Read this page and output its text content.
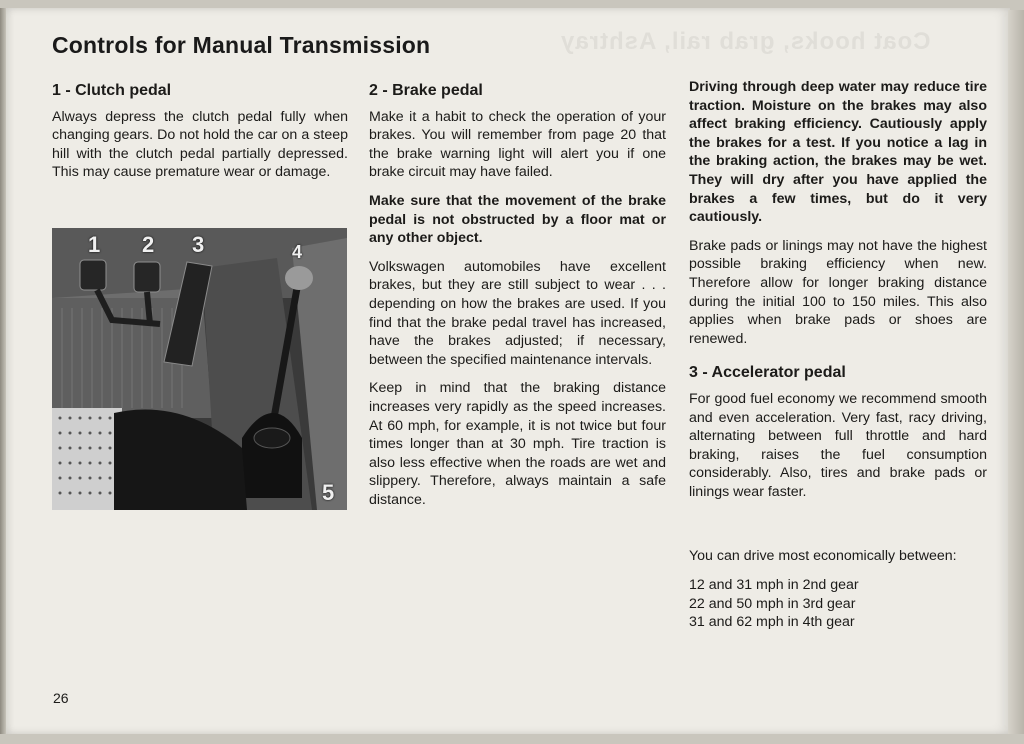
Coat hooks, grab rail, Ashtray
Controls for Manual Transmission
1 - Clutch pedal

Always depress the clutch pedal fully when changing gears. Do not hold the car on a steep hill with the clutch pedal partially depressed. This may cause premature wear or damage.

1 2 3	4
5
2 - Brake pedal

Make it a habit to check the operation of your brakes. You will remember from page 20 that the brake warning light will alert you if one brake circuit may have failed.

Make sure that the movement of the brake pedal is not obstructed by a floor mat or any other object.

Volkswagen automobiles have excellent brakes, but they are still subject to wear . . . depending on how the brakes are used. If you find that the brake pedal travel has increased, have the brakes adjusted; if necessary, between the specified maintenance intervals.

Keep in mind that the braking distance increases very rapidly as the speed increases. At 60 mph, for example, it is not twice but four times longer than at 30 mph. Tire traction is also less effective when the roads are wet and slippery. Therefore, always maintain a safe distance.

Driving through deep water may reduce tire traction. Moisture on the brakes may also affect braking efficiency. Cautiously apply the brakes for a test. If you notice a lag in the braking action, the brakes may be wet. They will dry after you have applied the brakes a few times, but do it very cautiously.

Brake pads or linings may not have the highest possible braking efficiency when new. Therefore allow for longer braking distance during the initial 100 to 150 miles. This also applies when brake pads or shoes are renewed.

3 - Accelerator pedal

For good fuel economy we recommend smooth and even acceleration. Very fast, racy driving, alternating between full throttle and hard braking, raises the fuel consumption considerably. Also, tires and brake pads or linings wear faster.

You can drive most economically between:

12 and 31 mph in 2nd gear

22 and 50 mph in 3rd gear

31 and 62 mph in 4th gear

26
